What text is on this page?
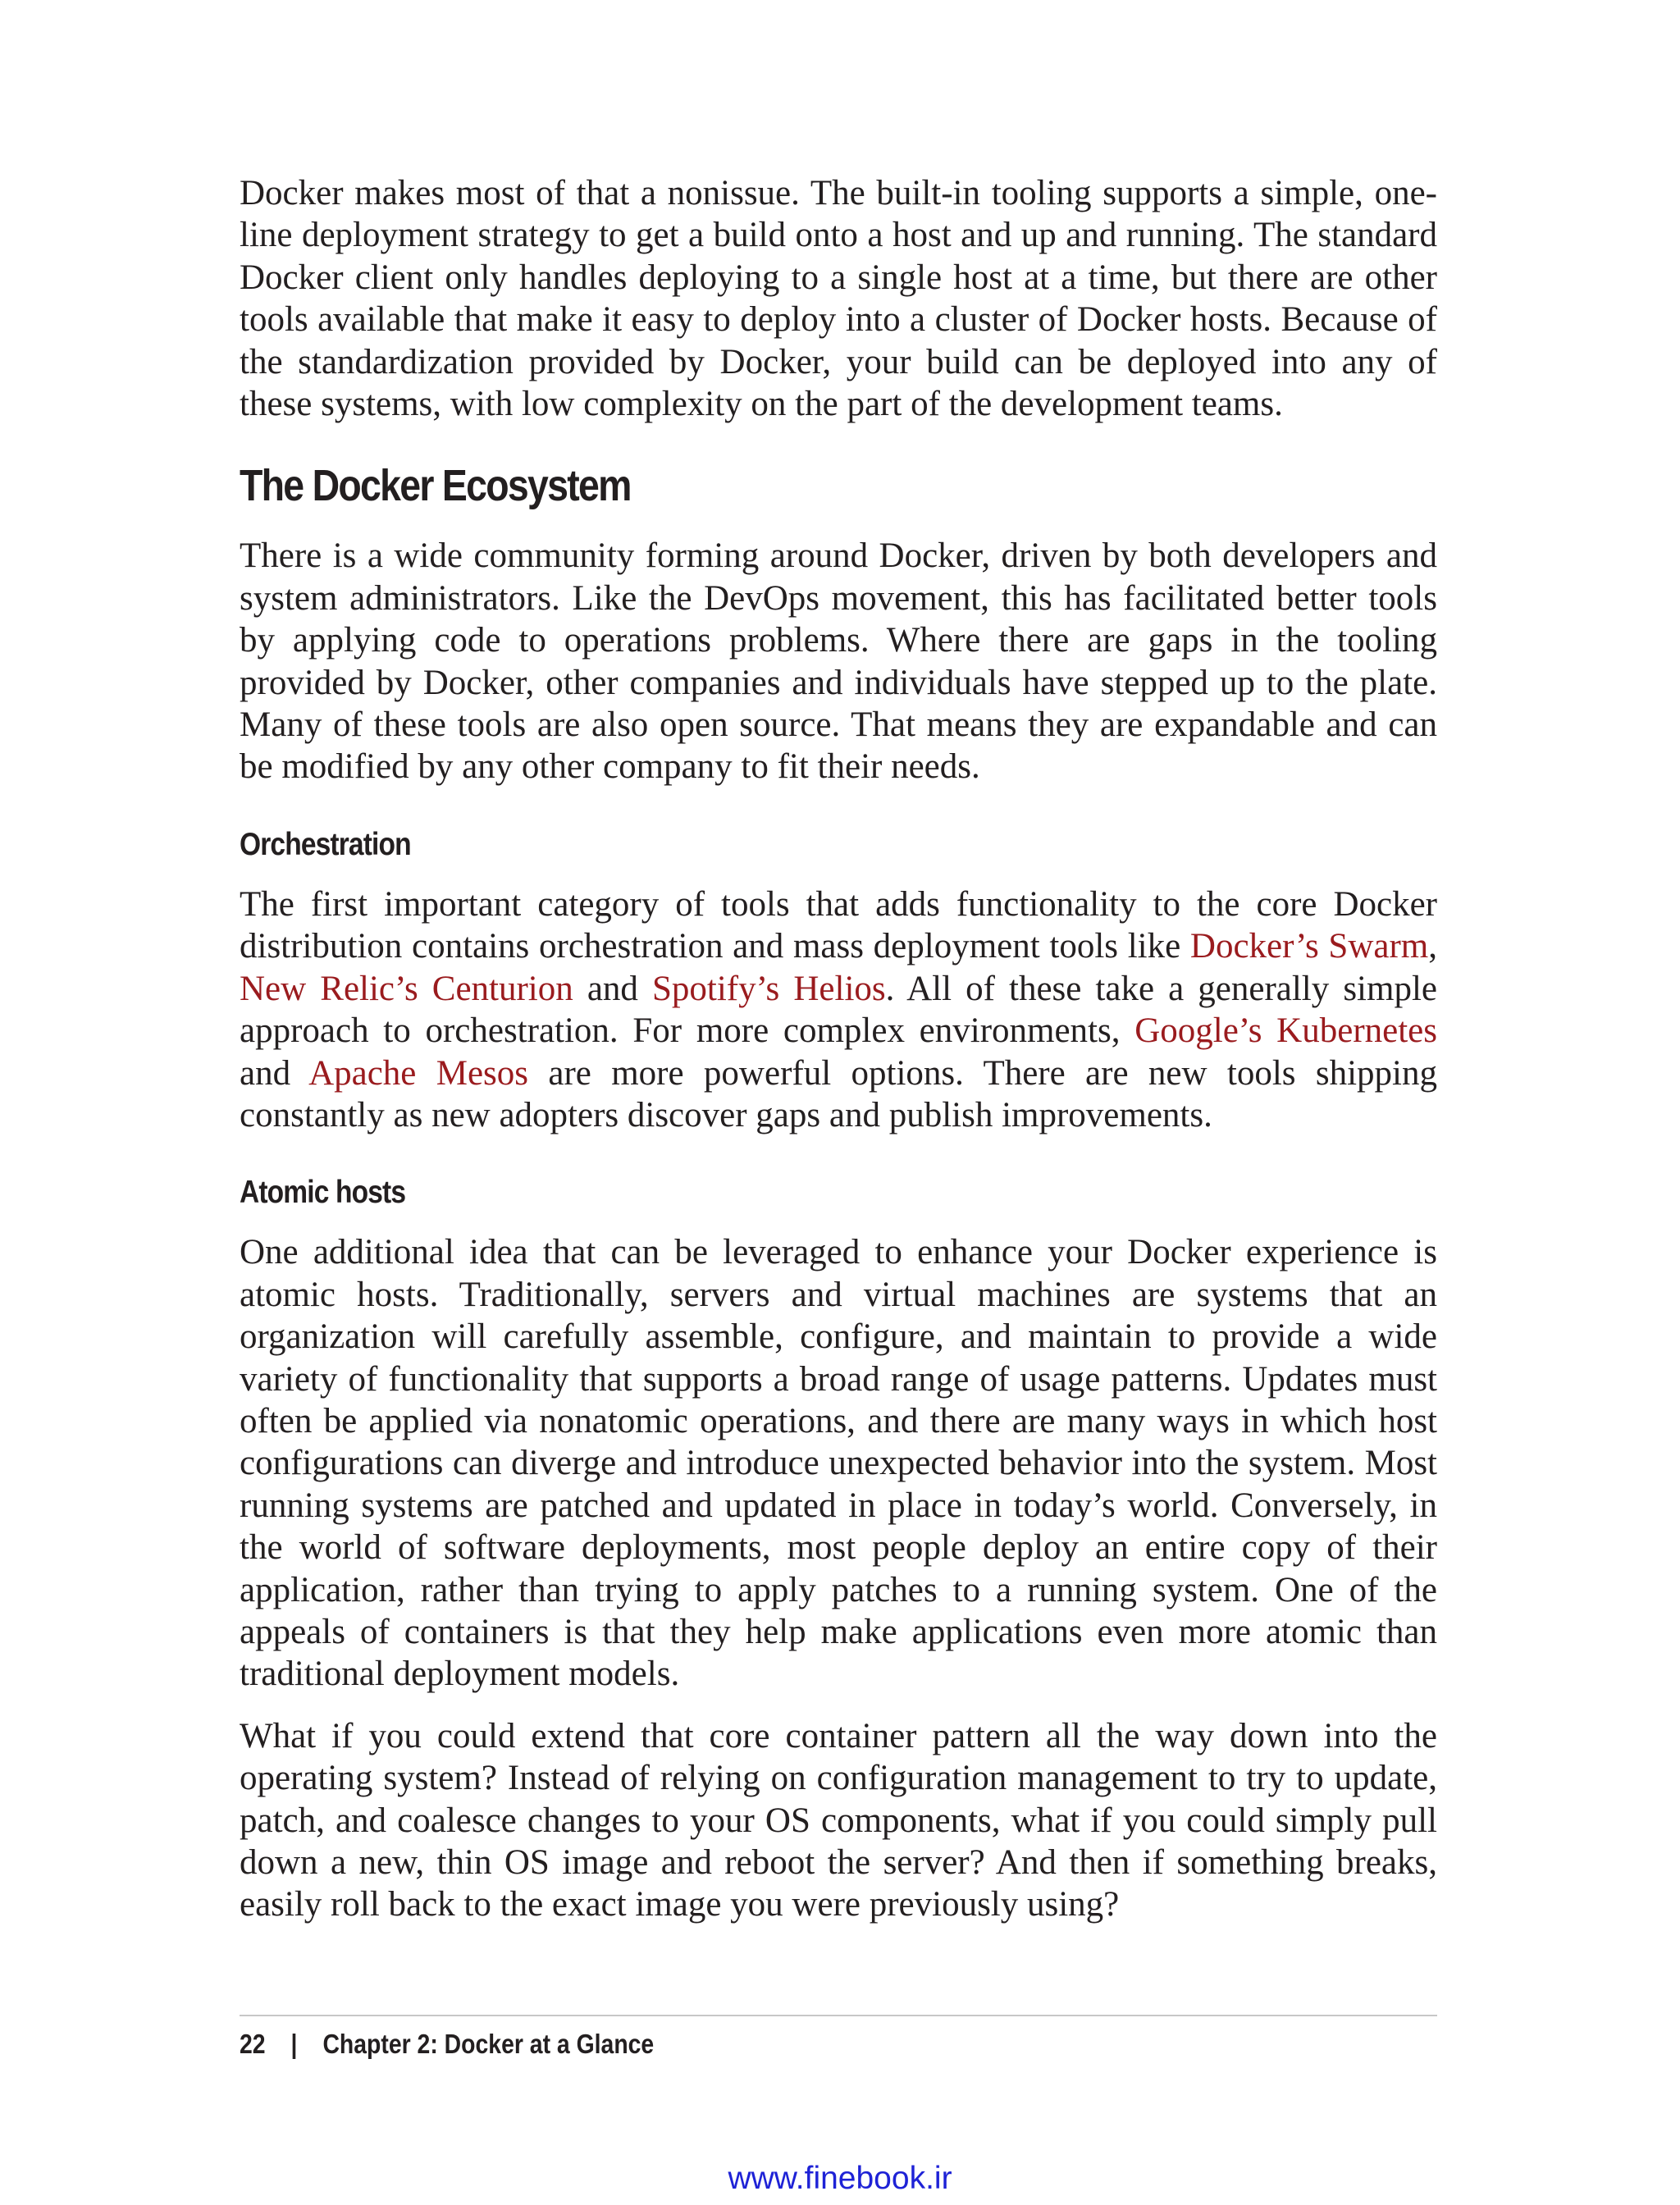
Docker makes most of that a nonissue. The built-in tooling supports a simple, one-line deployment strategy to get a build onto a host and up and running. The standard Docker client only handles deploying to a single host at a time, but there are other tools available that make it easy to deploy into a cluster of Docker hosts. Because of the standardization provided by Docker, your build can be deployed into any of these systems, with low complexity on the part of the development teams.

The Docker Ecosystem

There is a wide community forming around Docker, driven by both developers and system administrators. Like the DevOps movement, this has facilitated better tools by applying code to operations problems. Where there are gaps in the tooling provided by Docker, other companies and individuals have stepped up to the plate. Many of these tools are also open source. That means they are expandable and can be modified by any other company to fit their needs.

Orchestration

The first important category of tools that adds functionality to the core Docker distribution contains orchestration and mass deployment tools like Docker’s Swarm, New Relic’s Centurion and Spotify’s Helios. All of these take a generally simple approach to orchestration. For more complex environments, Google’s Kubernetes and Apache Mesos are more powerful options. There are new tools shipping constantly as new adopters discover gaps and publish improvements.

Atomic hosts

One additional idea that can be leveraged to enhance your Docker experience is atomic hosts. Traditionally, servers and virtual machines are systems that an organization will carefully assemble, configure, and maintain to provide a wide variety of functionality that supports a broad range of usage patterns. Updates must often be applied via nonatomic operations, and there are many ways in which host configurations can diverge and introduce unexpected behavior into the system. Most running systems are patched and updated in place in today’s world. Conversely, in the world of software deployments, most people deploy an entire copy of their application, rather than trying to apply patches to a running system. One of the appeals of containers is that they help make applications even more atomic than traditional deployment models.

What if you could extend that core container pattern all the way down into the operating system? Instead of relying on configuration management to try to update, patch, and coalesce changes to your OS components, what if you could simply pull down a new, thin OS image and reboot the server? And then if something breaks, easily roll back to the exact image you were previously using?

22 | Chapter 2: Docker at a Glance
www.finebook.ir
